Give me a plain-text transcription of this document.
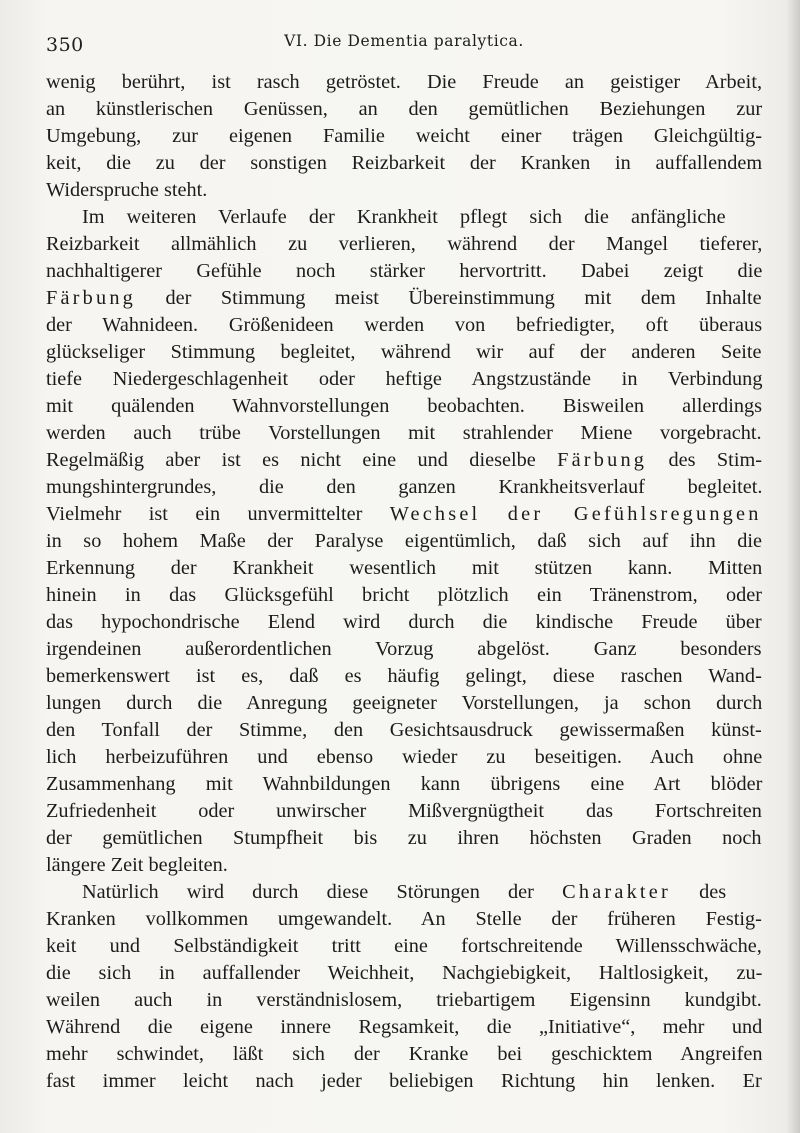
350	VI. Die Dementia paralytica.

wenig berührt, ist rasch getröstet. Die Freude an geistiger Arbeit,
an künstlerischen Genüssen, an den gemütlichen Beziehungen zur
Umgebung, zur eigenen Familie weicht einer trägen Gleichgültig-
keit, die zu der sonstigen Reizbarkeit der Kranken in auffallendem
Widerspruche steht.

Im weiteren Verlaufe der Krankheit pflegt sich die anfängliche
Reizbarkeit allmählich zu verlieren, während der Mangel tieferer,
nachhaltigerer Gefühle noch stärker hervortritt. Dabei zeigt die
Färbung der Stimmung meist Übereinstimmung mit dem Inhalte
der Wahnideen. Größenideen werden von befriedigter, oft überaus
glückseliger Stimmung begleitet, während wir auf der anderen Seite
tiefe Niedergeschlagenheit oder heftige Angstzustände in Verbindung
mit quälenden Wahnvorstellungen beobachten. Bisweilen allerdings
werden auch trübe Vorstellungen mit strahlender Miene vorgebracht.
Regelmäßig aber ist es nicht eine und dieselbe Färbung des Stim-
mungshintergrundes, die den ganzen Krankheitsverlauf begleitet.
Vielmehr ist ein unvermittelter Wechsel der Gefühlsregungen
in so hohem Maße der Paralyse eigentümlich, daß sich auf ihn die
Erkennung der Krankheit wesentlich mit stützen kann. Mitten
hinein in das Glücksgefühl bricht plötzlich ein Tränenstrom, oder
das hypochondrische Elend wird durch die kindische Freude über
irgendeinen außerordentlichen Vorzug abgelöst. Ganz besonders
bemerkenswert ist es, daß es häufig gelingt, diese raschen Wand-
lungen durch die Anregung geeigneter Vorstellungen, ja schon durch
den Tonfall der Stimme, den Gesichtsausdruck gewissermaßen künst-
lich herbeizuführen und ebenso wieder zu beseitigen. Auch ohne
Zusammenhang mit Wahnbildungen kann übrigens eine Art blöder
Zufriedenheit oder unwirscher Mißvergnügtheit das Fortschreiten
der gemütlichen Stumpfheit bis zu ihren höchsten Graden noch
längere Zeit begleiten.

Natürlich wird durch diese Störungen der Charakter des
Kranken vollkommen umgewandelt. An Stelle der früheren Festig-
keit und Selbständigkeit tritt eine fortschreitende Willensschwäche,
die sich in auffallender Weichheit, Nachgiebigkeit, Haltlosigkeit, zu-
weilen auch in verständnislosem, triebartigem Eigensinn kundgibt.
Während die eigene innere Regsamkeit, die „Initiative“, mehr und
mehr schwindet, läßt sich der Kranke bei geschicktem Angreifen
fast immer leicht nach jeder beliebigen Richtung hin lenken. Er
